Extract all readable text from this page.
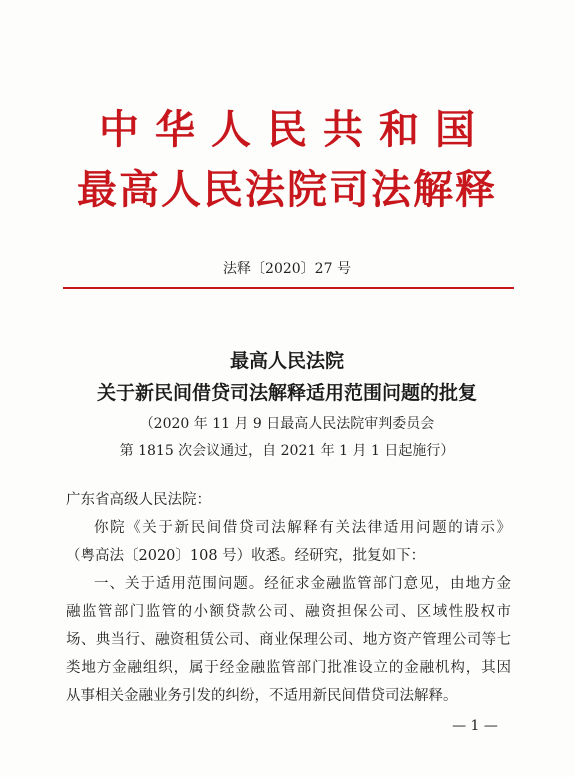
中华人民共和国
最高人民法院司法解释
法释〔2020〕27 号
最高人民法院
关于新民间借贷司法解释适用范围问题的批复
（2020 年 11 月 9 日最高人民法院审判委员会
第 1815 次会议通过，自 2021 年 1 月 1 日起施行）
广东省高级人民法院：
你院《关于新民间借贷司法解释有关法律适用问题的请示》
（粤高法〔2020〕108 号）收悉。经研究，批复如下：
一、关于适用范围问题。经征求金融监管部门意见，由地方金
融监管部门监管的小额贷款公司、融资担保公司、区域性股权市
场、典当行、融资租赁公司、商业保理公司、地方资产管理公司等七
类地方金融组织，属于经金融监管部门批准设立的金融机构，其因
从事相关金融业务引发的纠纷，不适用新民间借贷司法解释。
— 1 —
